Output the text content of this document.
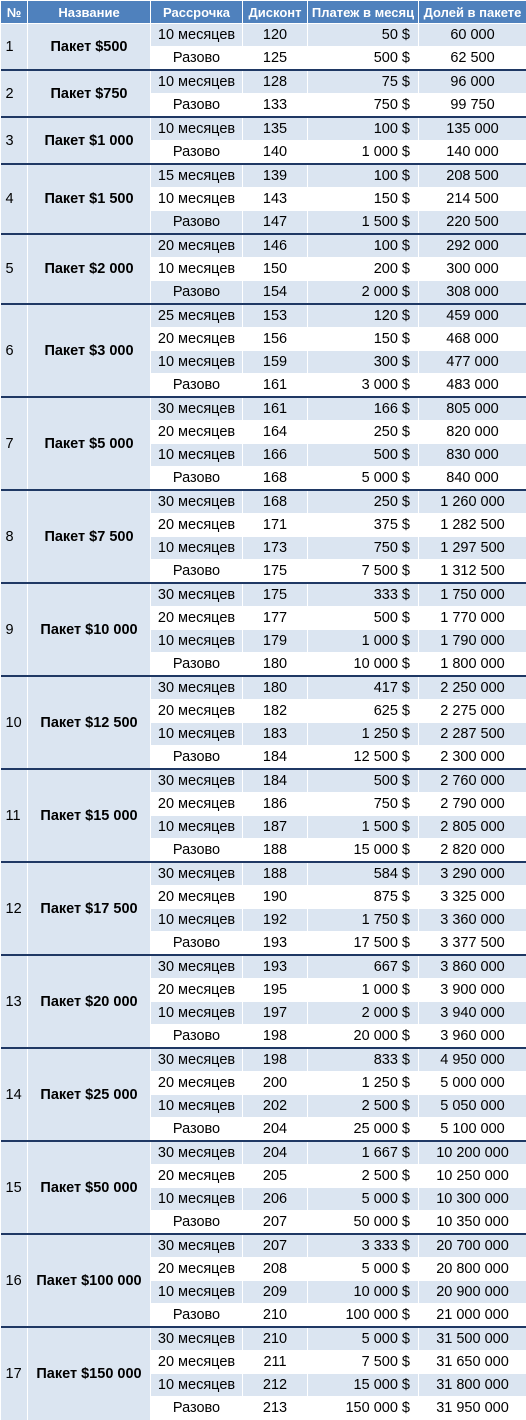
№	Название	Рассрочка	Дисконт	Платеж в месяц	Долей в пакете
1	Пакет $500	10 месяцев	120	50 $	60 000
		Разово	125	500 $	62 500
2	Пакет $750	10 месяцев	128	75 $	96 000
		Разово	133	750 $	99 750
3	Пакет $1 000	10 месяцев	135	100 $	135 000
		Разово	140	1 000 $	140 000
4	Пакет $1 500	15 месяцев	139	100 $	208 500
		10 месяцев	143	150 $	214 500
		Разово	147	1 500 $	220 500
5	Пакет $2 000	20 месяцев	146	100 $	292 000
		10 месяцев	150	200 $	300 000
		Разово	154	2 000 $	308 000
6	Пакет $3 000	25 месяцев	153	120 $	459 000
		20 месяцев	156	150 $	468 000
		10 месяцев	159	300 $	477 000
		Разово	161	3 000 $	483 000
7	Пакет $5 000	30 месяцев	161	166 $	805 000
		20 месяцев	164	250 $	820 000
		10 месяцев	166	500 $	830 000
		Разово	168	5 000 $	840 000
8	Пакет $7 500	30 месяцев	168	250 $	1 260 000
		20 месяцев	171	375 $	1 282 500
		10 месяцев	173	750 $	1 297 500
		Разово	175	7 500 $	1 312 500
9	Пакет $10 000	30 месяцев	175	333 $	1 750 000
		20 месяцев	177	500 $	1 770 000
		10 месяцев	179	1 000 $	1 790 000
		Разово	180	10 000 $	1 800 000
10	Пакет $12 500	30 месяцев	180	417 $	2 250 000
		20 месяцев	182	625 $	2 275 000
		10 месяцев	183	1 250 $	2 287 500
		Разово	184	12 500 $	2 300 000
11	Пакет $15 000	30 месяцев	184	500 $	2 760 000
		20 месяцев	186	750 $	2 790 000
		10 месяцев	187	1 500 $	2 805 000
		Разово	188	15 000 $	2 820 000
12	Пакет $17 500	30 месяцев	188	584 $	3 290 000
		20 месяцев	190	875 $	3 325 000
		10 месяцев	192	1 750 $	3 360 000
		Разово	193	17 500 $	3 377 500
13	Пакет $20 000	30 месяцев	193	667 $	3 860 000
		20 месяцев	195	1 000 $	3 900 000
		10 месяцев	197	2 000 $	3 940 000
		Разово	198	20 000 $	3 960 000
14	Пакет $25 000	30 месяцев	198	833 $	4 950 000
		20 месяцев	200	1 250 $	5 000 000
		10 месяцев	202	2 500 $	5 050 000
		Разово	204	25 000 $	5 100 000
15	Пакет $50 000	30 месяцев	204	1 667 $	10 200 000
		20 месяцев	205	2 500 $	10 250 000
		10 месяцев	206	5 000 $	10 300 000
		Разово	207	50 000 $	10 350 000
16	Пакет $100 000	30 месяцев	207	3 333 $	20 700 000
		20 месяцев	208	5 000 $	20 800 000
		10 месяцев	209	10 000 $	20 900 000
		Разово	210	100 000 $	21 000 000
17	Пакет $150 000	30 месяцев	210	5 000 $	31 500 000
		20 месяцев	211	7 500 $	31 650 000
		10 месяцев	212	15 000 $	31 800 000
		Разово	213	150 000 $	31 950 000
